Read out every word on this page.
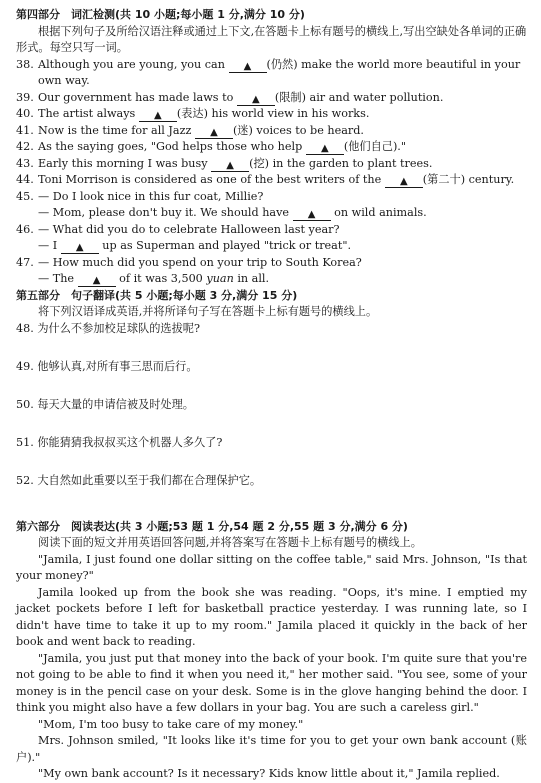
第四部分　词汇检测(共 10 小题;每小题 1 分,满分 10 分)

根据下列句子及所给汉语注释或通过上下文,在答题卡上标有题号的横线上,写出空缺处各单词的正确形式。每空只写一词。

38. Although you are young, you can ▲ (仍然) make the world more beautiful in your own way.

39. Our government has made laws to ▲ (限制) air and water pollution.

40. The artist always ▲ (表达) his world view in his works.

41. Now is the time for all Jazz ▲ (迷) voices to be heard.

42. As the saying goes, "God helps those who help ▲ (他们自己)."

43. Early this morning I was busy ▲ (挖) in the garden to plant trees.

44. Toni Morrison is considered as one of the best writers of the ▲ (第二十) century.

45. — Do I look nice in this fur coat, Millie?

— Mom, please don't buy it. We should have ▲ on wild animals.

46. — What did you do to celebrate Halloween last year?

— I ▲ up as Superman and played "trick or treat".

47. — How much did you spend on your trip to South Korea?

— The ▲ of it was 3,500 yuan in all.

第五部分　句子翻译(共 5 小题;每小题 3 分,满分 15 分)

将下列汉语译成英语,并将所译句子写在答题卡上标有题号的横线上。

48. 为什么不参加校足球队的选拔呢?

49. 他够认真,对所有事三思而后行。

50. 每天大量的申请信被及时处理。

51. 你能猜猜我叔叔买这个机器人多久了?

52. 大自然如此重要以至于我们都在合理保护它。

第六部分　阅读表达(共 3 小题;53 题 1 分,54 题 2 分,55 题 3 分,满分 6 分)

阅读下面的短文并用英语回答问题,并将答案写在答题卡上标有题号的横线上。

"Jamila, I just found one dollar sitting on the coffee table," said Mrs. Johnson, "Is that your money?"

Jamila looked up from the book she was reading. "Oops, it's mine. I emptied my jacket pockets before I left for basketball practice yesterday. I was running late, so I didn't have time to take it up to my room." Jamila placed it quickly in the back of her book and went back to reading.

"Jamila, you just put that money into the back of your book. I'm quite sure that you're not going to be able to find it when you need it," her mother said. "You see, some of your money is in the pencil case on your desk. Some is in the glove hanging behind the door. I think you might also have a few dollars in your bag. You are such a careless girl."

"Mom, I'm too busy to take care of my money."

Mrs. Johnson smiled, "It looks like it's time for you to get your own bank account (账户)."

"My own bank account? Is it necessary? Kids know little about it," Jamila replied.
